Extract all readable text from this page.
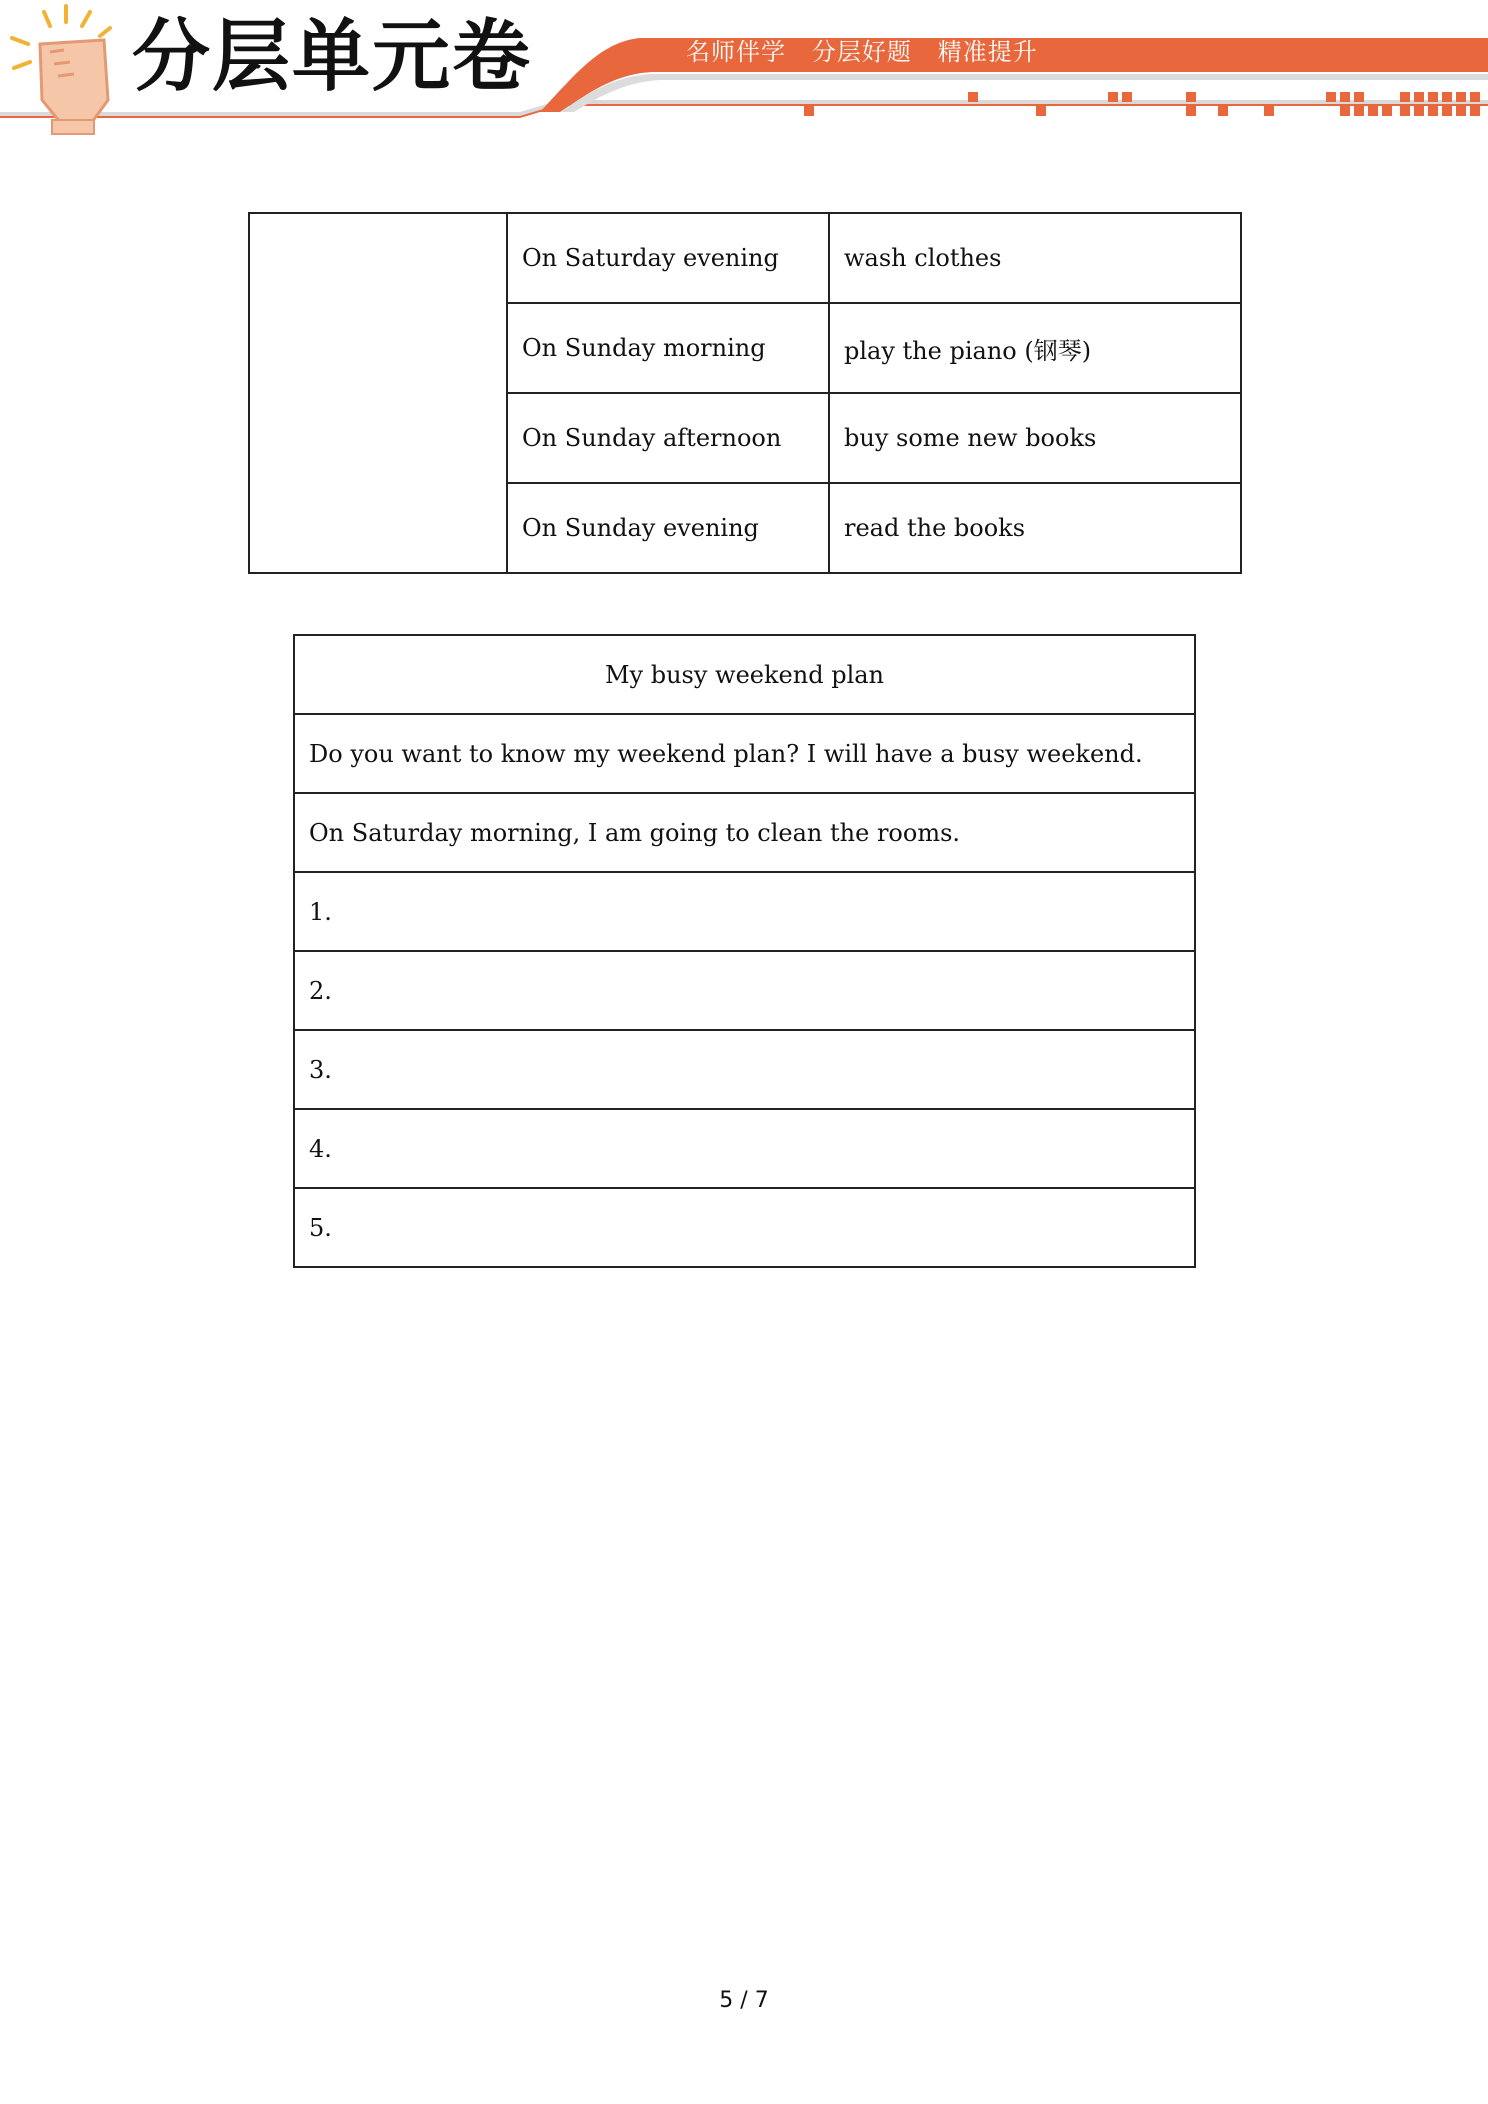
分层单元卷	名师伴学   分层好题   精准提升
	On Saturday evening	wash clothes
	On Sunday morning	play the piano (钢琴)
	On Sunday afternoon	buy some new books
	On Sunday evening	read the books
My busy weekend plan
Do you want to know my weekend plan? I will have a busy weekend.
On Saturday morning, I am going to clean the rooms.
1.
2.
3.
4.
5.
5 / 7
